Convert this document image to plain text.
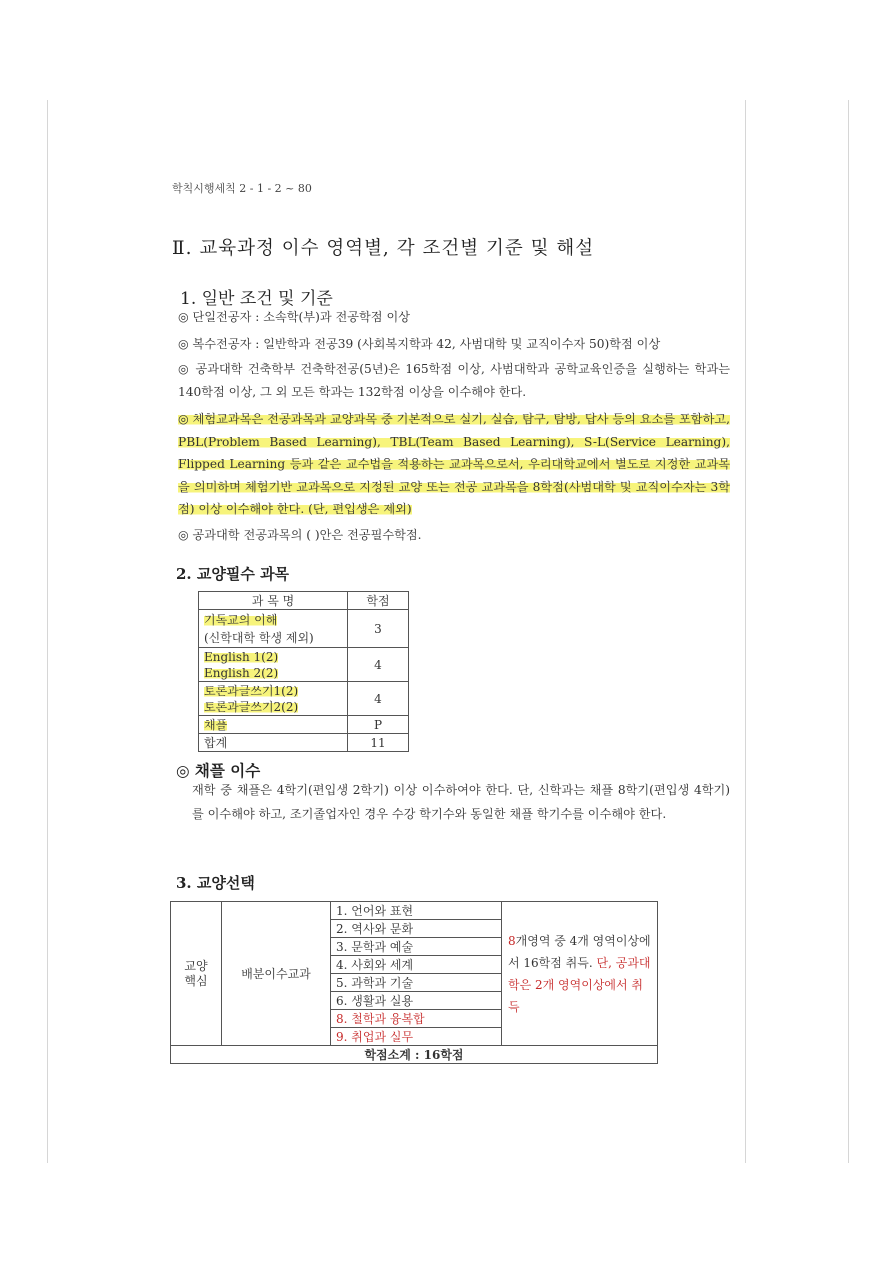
학칙시행세칙 2 - 1 - 2 ~ 80
Ⅱ. 교육과정 이수 영역별, 각 조건별 기준 및 해설
1. 일반 조건 및 기준
◎ 단일전공자 : 소속학(부)과 전공학점 이상
◎ 복수전공자 : 일반학과 전공39 (사회복지학과 42, 사범대학 및 교직이수자 50)학점 이상
◎ 공과대학 건축학부 건축학전공(5년)은 165학점 이상, 사범대학과 공학교육인증을 실행하는 학과는 140학점 이상, 그 외 모든 학과는 132학점 이상을 이수해야 한다.
◎ 체험교과목은 전공과목과 교양과목 중 기본적으로 실기, 실습, 탐구, 탐방, 답사 등의 요소를 포함하고, PBL(Problem Based Learning), TBL(Team Based Learning), S-L(Service Learning), Flipped Learning 등과 같은 교수법을 적용하는 교과목으로서, 우리대학교에서 별도로 지정한 교과목을 의미하며 체험기반 교과목으로 지정된 교양 또는 전공 교과목을 8학점(사범대학 및 교직이수자는 3학점) 이상 이수해야 한다. (단, 편입생은 제외)
◎ 공과대학 전공과목의 ( )안은 전공필수학점.
2. 교양필수 과목
과 목 명	학점
기독교의 이해
(신학대학 학생 제외)	3
English 1(2)
English 2(2)	4
토론과글쓰기1(2)
토론과글쓰기2(2)	4
채플	P
합계	11
◎ 채플 이수
재학 중 채플은 4학기(편입생 2학기) 이상 이수하여야 한다. 단, 신학과는 채플 8학기(편입생 4학기)를 이수해야 하고, 조기졸업자인 경우 수강 학기수와 동일한 채플 학기수를 이수해야 한다.
3. 교양선택
교양
핵심	배분이수교과	1. 언어와 표현	8개영역 중 4개 영역이상에서 16학점 취득. 단, 공과대학은 2개 영역이상에서 취득
2. 역사와 문화
3. 문학과 예술
4. 사회와 세계
5. 과학과 기술
6. 생활과 실용
8. 철학과 융복합
9. 취업과 실무
학점소계 : 16학점
